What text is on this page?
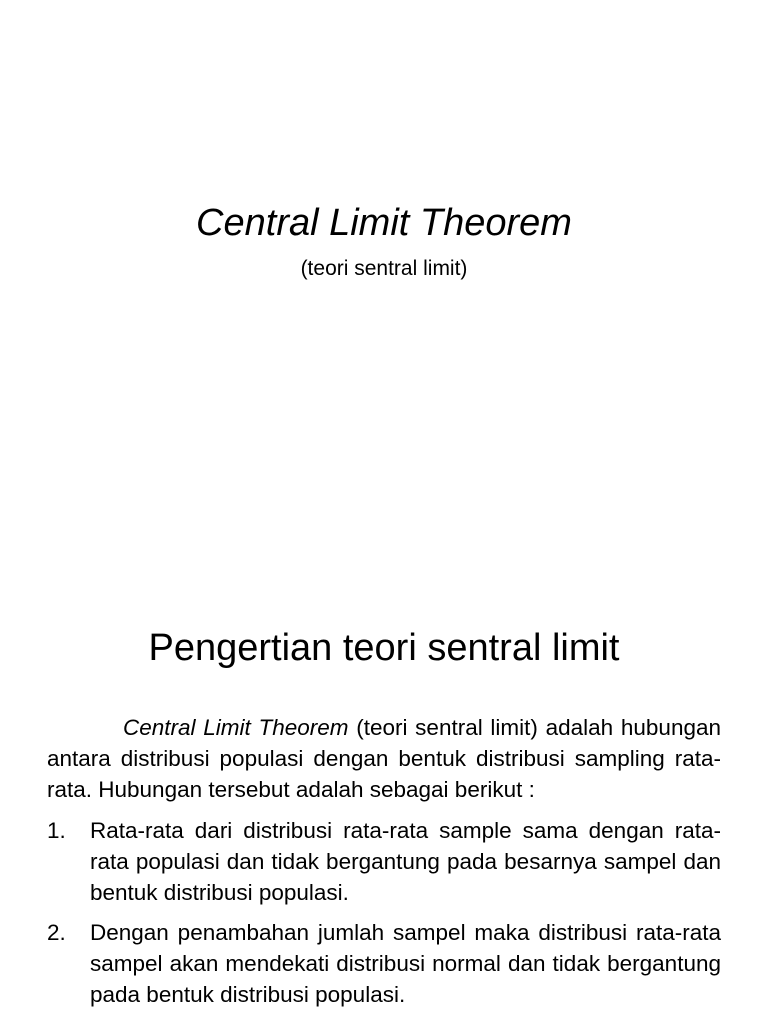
Central Limit Theorem

(teori sentral limit)

Pengertian teori sentral limit

Central Limit Theorem (teori sentral limit) adalah hubungan antara distribusi populasi dengan bentuk distribusi sampling rata-rata. Hubungan tersebut adalah sebagai berikut :

1. Rata-rata dari distribusi rata-rata sample sama dengan rata-rata populasi dan tidak bergantung pada besarnya sampel dan bentuk distribusi populasi.
2. Dengan penambahan jumlah sampel maka distribusi rata-rata sampel akan mendekati distribusi normal dan tidak bergantung pada bentuk distribusi populasi.
